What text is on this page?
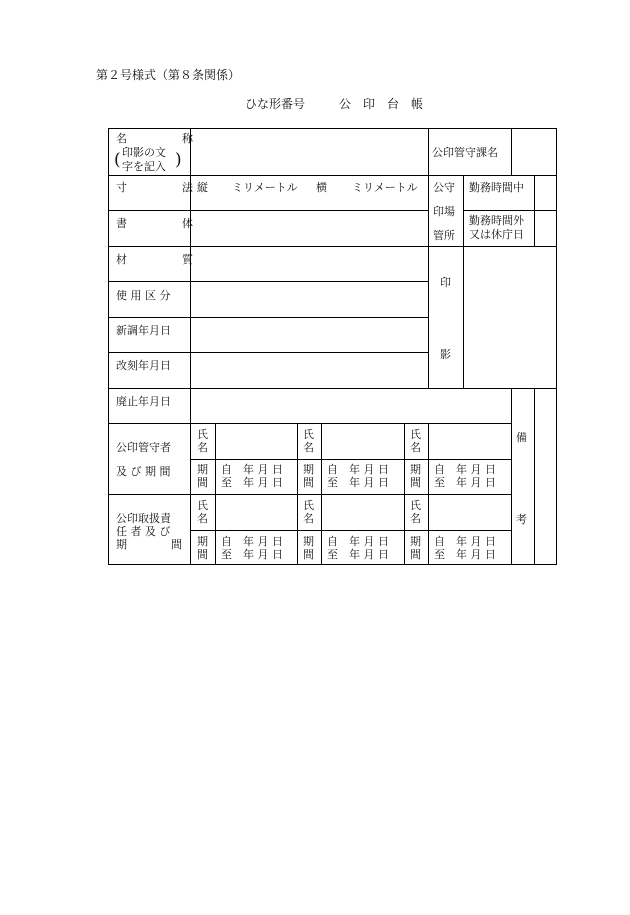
第２号様式（第８条関係）
ひな形番号	公　印　台　帳
名　　　　　称
( 印影の文
字を記入 )	公印管守課名
寸　　　　　法 縦 ミリメートル 横 ミリメートル 公守
印場
管所
勤務時間中
勤務時間外
又は休庁日
書　　　　　体
材　　　　　質
使 用 区 分
新調年月日
改刻年月日
印
影
廃止年月日
備
考
公印管守者
及 び 期 間
氏
名
期
間
自　年 月 日
至　年 月 日
氏
名
期
間
自　年 月 日
至　年 月 日
氏
名
期
間
自　年 月 日
至　年 月 日
公印取扱責
任 者 及 び
期　　　　間
氏
名
期
間
自　年 月 日
至　年 月 日
氏
名
期
間
自　年 月 日
至　年 月 日
氏
名
期
間
自　年 月 日
至　年 月 日
